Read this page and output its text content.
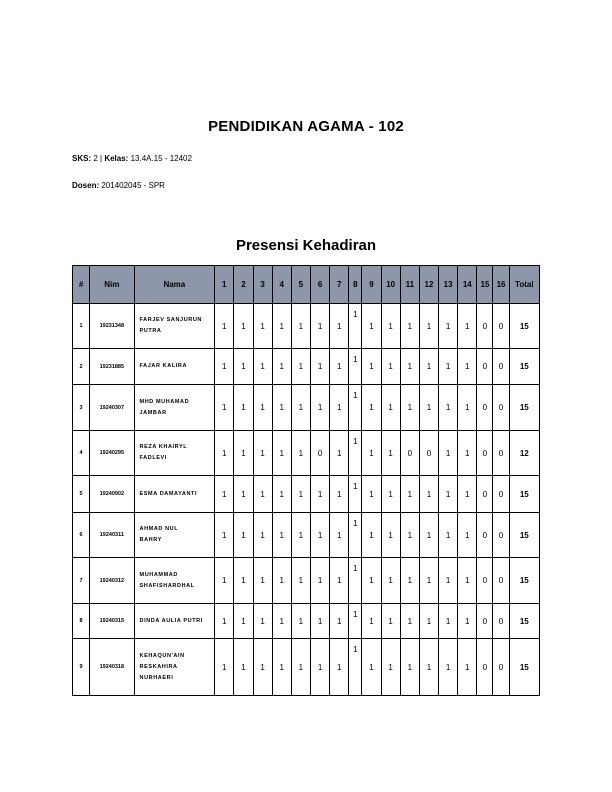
PENDIDIKAN AGAMA - 102
SKS: 2 | Kelas: 13.4A.15 - 12402
Dosen: 201402045 - SPR
Presensi Kehadiran
#	Nim	Nama	1	2	3	4	5	6	7	8	9	10	11	12	13	14	15	16	Total
1	19231348	FARJEV SANJURUN
PUTRA	1	1	1	1	1	1	1	1	1	1	1	1	1	1	0	0	15
2	19231885	FAJAR KALIRA	1	1	1	1	1	1	1	1	1	1	1	1	1	1	0	0	15
3	19240307	MHD MUHAMAD
JAMBAR	1	1	1	1	1	1	1	1	1	1	1	1	1	1	0	0	15
4	19240295	REZA KHAIRYL
FADLEVI	1	1	1	1	1	0	1	1	1	1	0	0	1	1	0	0	12
5	19240902	ESMA DAMAYANTI	1	1	1	1	1	1	1	1	1	1	1	1	1	1	0	0	15
6	19240311	AHMAD NUL
BAHRY	1	1	1	1	1	1	1	1	1	1	1	1	1	1	0	0	15
7	19240312	MUHAMMAD
SHAFISHARDHAL	1	1	1	1	1	1	1	1	1	1	1	1	1	1	0	0	15
8	19240315	DINDA AULIA PUTRI	1	1	1	1	1	1	1	1	1	1	1	1	1	1	0	0	15
9	19240318	KEHAQUN'AIN
RESKAHIRA
NURHAERI	1	1	1	1	1	1	1	1	1	1	1	1	1	1	0	0	15
